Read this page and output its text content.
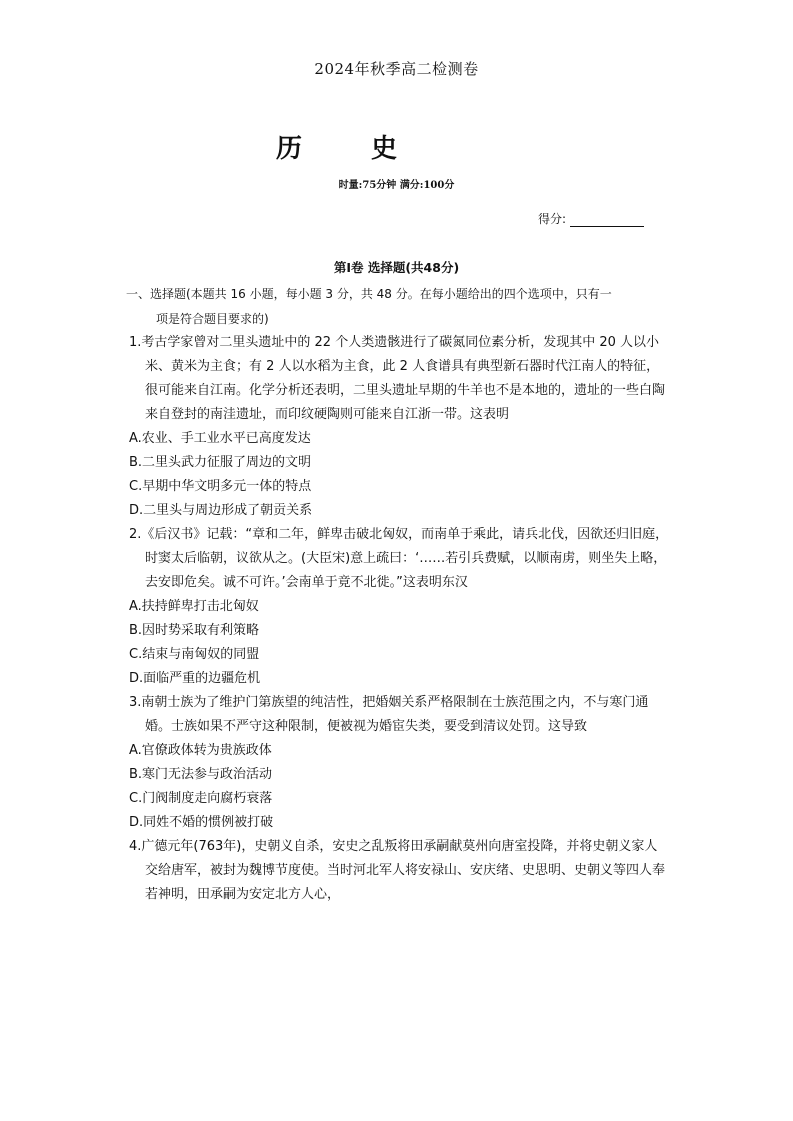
2024年秋季高二检测卷
历 史
时量:75分钟 满分:100分
得分:
第Ⅰ卷 选择题(共48分)
一、选择题(本题共 16 小题，每小题 3 分，共 48 分。在每小题给出的四个选项中，只有一
项是符合题目要求的)
1.考古学家曾对二里头遗址中的 22 个人类遗骸进行了碳氮同位素分析，发现其中 20 人以小米、黄米为主食；有 2 人以水稻为主食，此 2 人食谱具有典型新石器时代江南人的特征，很可能来自江南。化学分析还表明，二里头遗址早期的牛羊也不是本地的，遗址的一些白陶来自登封的南洼遗址，而印纹硬陶则可能来自江浙一带。这表明
A.农业、手工业水平已高度发达
B.二里头武力征服了周边的文明
C.早期中华文明多元一体的特点
D.二里头与周边形成了朝贡关系
2.《后汉书》记载：“章和二年，鲜卑击破北匈奴，而南单于乘此，请兵北伐，因欲还归旧庭，时窦太后临朝，议欲从之。(大臣宋)意上疏曰：‘……若引兵费赋，以顺南虏，则坐失上略，去安即危矣。诚不可许。’会南单于竟不北徙。”这表明东汉
A.扶持鲜卑打击北匈奴
B.因时势采取有利策略
C.结束与南匈奴的同盟
D.面临严重的边疆危机
3.南朝士族为了维护门第族望的纯洁性，把婚姻关系严格限制在士族范围之内，不与寒门通婚。士族如果不严守这种限制，便被视为婚宦失类，要受到清议处罚。这导致
A.官僚政体转为贵族政体
B.寒门无法参与政治活动
C.门阀制度走向腐朽衰落
D.同姓不婚的惯例被打破
4.广德元年(763年)，史朝义自杀，安史之乱叛将田承嗣献莫州向唐室投降，并将史朝义家人交给唐军，被封为魏博节度使。当时河北军人将安禄山、安庆绪、史思明、史朝义等四人奉若神明，田承嗣为安定北方人心，
